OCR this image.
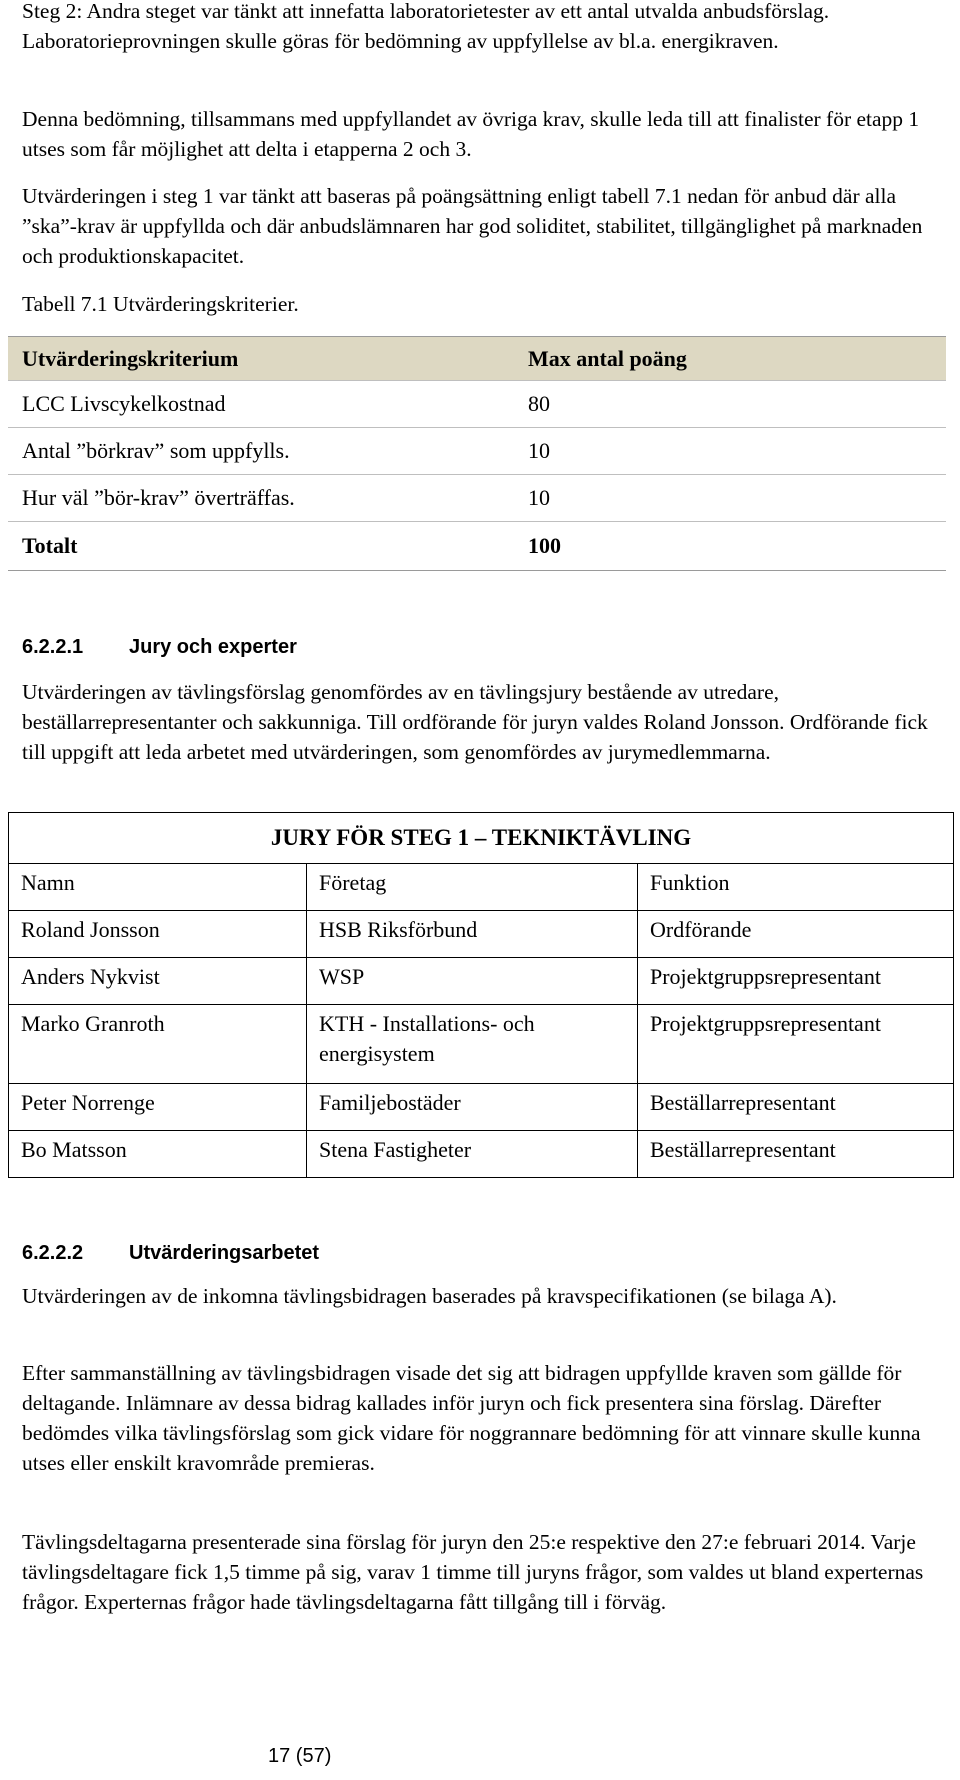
Steg 2: Andra steget var tänkt att innefatta laboratorietester av ett antal utvalda anbudsförslag. Laboratorieprovningen skulle göras för bedömning av uppfyllelse av bl.a. energikraven.

Denna bedömning, tillsammans med uppfyllandet av övriga krav, skulle leda till att finalister för etapp 1 utses som får möjlighet att delta i etapperna 2 och 3.

Utvärderingen i steg 1 var tänkt att baseras på poängsättning enligt tabell 7.1 nedan för anbud där alla ”ska”-krav är uppfyllda och där anbudslämnaren har god soliditet, stabilitet, tillgänglighet på marknaden och produktionskapacitet.

Tabell 7.1 Utvärderingskriterier.

Utvärderingskriterium	Max antal poäng
LCC Livscykelkostnad	80
Antal ”börkrav” som uppfylls.	10
Hur väl ”bör-krav” överträffas.	10
Totalt	100
6.2.2.1 Jury och experter

Utvärderingen av tävlingsförslag genomfördes av en tävlingsjury bestående av utredare, beställarrepresentanter och sakkunniga. Till ordförande för juryn valdes Roland Jonsson. Ordförande fick till uppgift att leda arbetet med utvärderingen, som genomfördes av jurymedlemmarna.

JURY FÖR STEG 1 – TEKNIKTÄVLING		
Namn	Företag	Funktion
Roland Jonsson	HSB Riksförbund	Ordförande
Anders Nykvist	WSP	Projektgruppsrepresentant
Marko Granroth	KTH - Installations- och energisystem	Projektgruppsrepresentant
Peter Norrenge	Familjebostäder	Beställarrepresentant
Bo Matsson	Stena Fastigheter	Beställarrepresentant
6.2.2.2 Utvärderingsarbetet

Utvärderingen av de inkomna tävlingsbidragen baserades på kravspecifikationen (se bilaga A).

Efter sammanställning av tävlingsbidragen visade det sig att bidragen uppfyllde kraven som gällde för deltagande. Inlämnare av dessa bidrag kallades inför juryn och fick presentera sina förslag. Därefter bedömdes vilka tävlingsförslag som gick vidare för noggrannare bedömning för att vinnare skulle kunna utses eller enskilt kravområde premieras.

Tävlingsdeltagarna presenterade sina förslag för juryn den 25:e respektive den 27:e februari 2014. Varje tävlingsdeltagare fick 1,5 timme på sig, varav 1 timme till juryns frågor, som valdes ut bland experternas frågor. Experternas frågor hade tävlingsdeltagarna fått tillgång till i förväg.

17 (57)
